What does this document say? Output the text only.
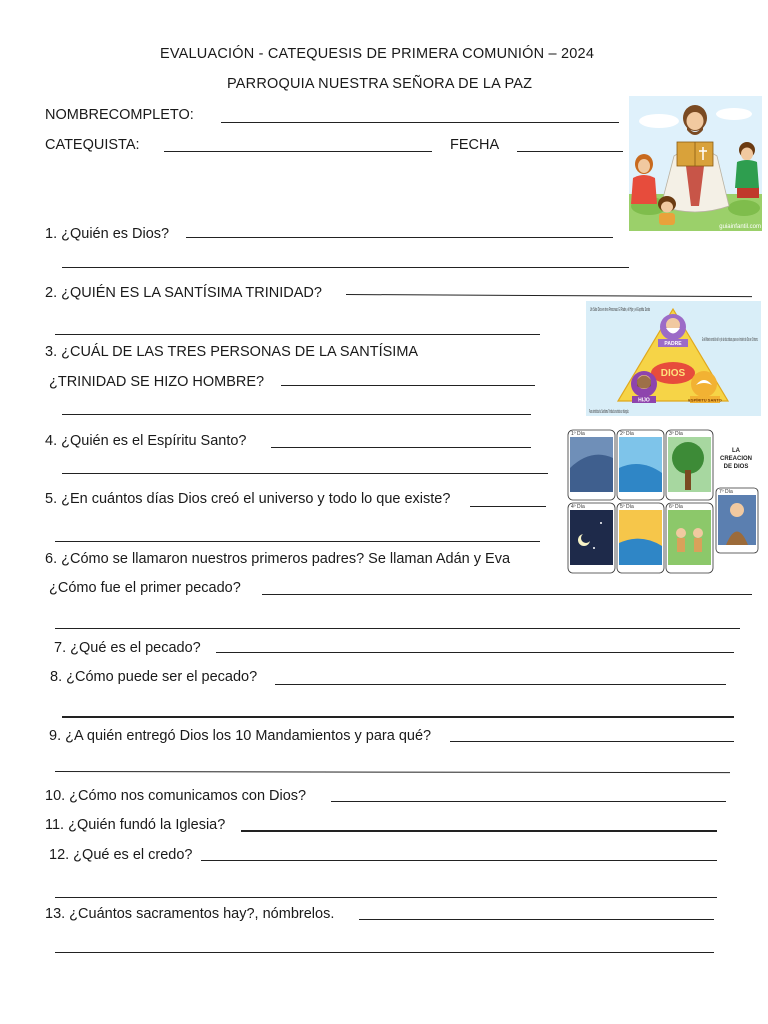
EVALUACIÓN - CATEQUESIS DE PRIMERA COMUNIÓN – 2024
PARROQUIA NUESTRA SEÑORA DE LA PAZ
NOMBRECOMPLETO:
CATEQUISTA:	FECHA
guiainfantil.com
1. ¿Quién es Dios?
2. ¿QUIÉN ES LA SANTÍSIMA TRINIDAD?
DIOS
PADRE
HIJO	ESPÍRITU SANTO
Un Solo Dios en tres Personas: El Padre, el Hijo y el Espíritu Santo
Es el Misterio central de la fe y de la vida cristiana, pues es el misterio de Dios en Sí mismo.
Para simbolizar la Santísima Trinidad un artista un triángulo.
3. ¿CUÁL DE LAS TRES PERSONAS DE LA SANTÍSIMA
¿TRINIDAD SE HIZO HOMBRE?
4. ¿Quién es el Espíritu Santo?	1º Día	2º Día	3º Día
LA
CREACION
DE DIOS
4º Día	5º Día	6º Día
7º Día
5. ¿En cuántos días Dios creó el universo y todo lo que existe?
6. ¿Cómo se llamaron nuestros primeros padres? Se llaman Adán y Eva
¿Cómo fue el primer pecado?
7. ¿Qué es el pecado?
8. ¿Cómo puede ser el pecado?
9. ¿A quién entregó Dios los 10 Mandamientos y para qué?
10. ¿Cómo nos comunicamos con Dios?
11. ¿Quién fundó la Iglesia?
12. ¿Qué es el credo?
13. ¿Cuántos sacramentos hay?, nómbrelos.
